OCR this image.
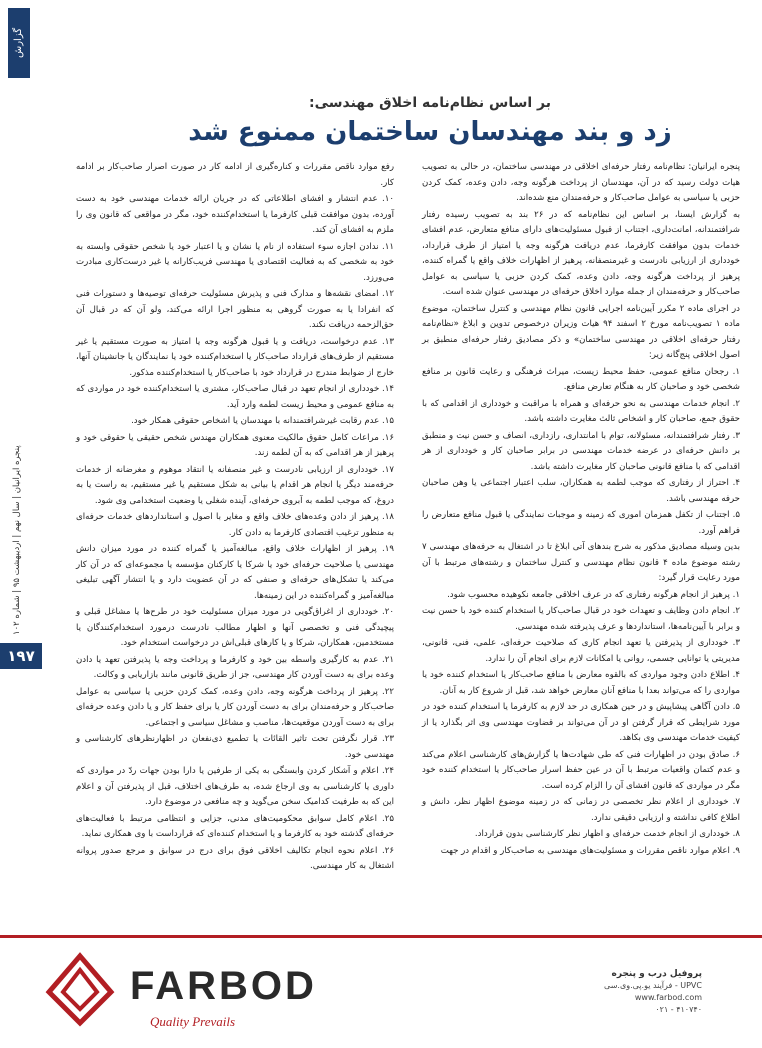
گزارش
پنجره ایرانیان | سال نهم | اردیبهشت ۹۵ | شماره ۱۰۲
۱۹۷
بر اساس نظام‌نامه اخلاق مهندسی:
زد و بند مهندسان ساختمان ممنوع شد

پنجره ایرانیان: نظام‌نامه رفتار حرفه‌ای اخلاقی در مهندسی ساختمان، در حالی به تصویب هیات دولت رسید که در آن، مهندسان از پرداخت هرگونه وجه، دادن وعده، کمک کردن حزبی یا سیاسی به عوامل صاحب‌کار و حرفه‌مندان منع شده‌اند.

به گزارش ایسنا، بر اساس این نظام‌نامه که در ۲۶ بند به تصویب رسیده رفتار شرافتمندانه، امانت‌داری، اجتناب از قبول مسئولیت‌های دارای منافع متعارض، عدم افشای خدمات بدون موافقت کارفرما، عدم دریافت هرگونه وجه یا امتیاز از طرف قرارداد، خودداری از ارزیابی نادرست و غیرمنصفانه، پرهیز از اظهارات خلاف واقع یا گمراه کننده، پرهیز از پرداخت هرگونه وجه، دادن وعده، کمک کردن حزبی یا سیاسی به عوامل صاحب‌کار و حرفه‌مندان از جمله موارد اخلاق حرفه‌ای در مهندسی عنوان شده است.

در اجرای ماده ۲ مکرر آیین‌نامه اجرایی قانون نظام مهندسی و کنترل ساختمان، موضوع ماده ۱ تصویب‌نامه مورخ ۲ اسفند ۹۴ هیات وزیران درخصوص تدوین و ابلاغ «نظام‌نامه رفتار حرفه‌ای اخلاقی در مهندسی ساختمان» و ذکر مصادیق رفتار حرفه‌ای منطبق بر اصول اخلاقی پنج‌گانه زیر:

۱. رجحان منافع عمومی، حفظ محیط زیست، میراث فرهنگی و رعایت قانون بر منافع شخصی خود و صاحبان کار به هنگام تعارض منافع.

۲. انجام خدمات مهندسی به نحو حرفه‌ای و همراه با مراقبت و خودداری از اقدامی که با حقوق جمع، صاحبان کار و اشخاص ثالث مغایرت داشته باشد.

۳. رفتار شرافتمندانه، مسئولانه، توام با امانتداری، رازداری، انصاف و حسن نیت و منطبق بر دانش حرفه‌ای در عرضه خدمات مهندسی در برابر صاحبان کار و خودداری از هر اقدامی که با منافع قانونی صاحبان کار مغایرت داشته باشد.

۴. احتراز از رفتاری که موجب لطمه به همکاران، سلب اعتبار اجتماعی یا وهن صاحبان حرفه مهندسی باشد.

۵. اجتناب از تکفل همزمان اموری که زمینه و موجبات نمایندگی یا قبول منافع متعارض را فراهم آورد.

بدین وسیله مصادیق مذکور به شرح بندهای آتی ابلاغ تا در اشتغال به حرفه‌های مهندسی ۷ رشته موضوع ماده ۴ قانون نظام مهندسی و کنترل ساختمان و رشته‌های مرتبط با آن مورد رعایت قرار گیرد:

۱. پرهیز از انجام هرگونه رفتاری که در عرف اخلاقی جامعه نکوهیده محسوب شود.

۲. انجام دادن وظایف و تعهدات خود در قبال صاحب‌کار یا استخدام کننده خود با حسن نیت و برابر با آیین‌نامه‌ها، استانداردها و عرف پذیرفته شده مهندسی.

۳. خودداری از پذیرفتن یا تعهد انجام کاری که صلاحیت حرفه‌ای، علمی، فنی، قانونی، مدیریتی یا توانایی جسمی، روانی یا امکانات لازم برای انجام آن را ندارد.

۴. اطلاع دادن وجود مواردی که بالقوه معارض با منافع صاحب‌کار یا استخدام کننده خود یا مواردی را که می‌تواند بعدا با منافع آنان معارض خواهد شد، قبل از شروع کار به آنان.

۵. دادن آگاهی پیشاپیش و در حین همکاری در حد لازم به کارفرما یا استخدام کننده خود در مورد شرایطی که قرار گرفتن او در آن می‌تواند بر قضاوت مهندسی وی اثر بگذارد یا از کیفیت خدمات مهندسی وی بکاهد.

۶. صادق بودن در اظهارات فنی که طی شهادت‌ها یا گزارش‌های کارشناسی اعلام می‌کند و عدم کتمان واقعیات مرتبط با آن در عین حفظ اسرار صاحب‌کار یا استخدام کننده خود مگر در مواردی که قانون افشای آن را الزام کرده است.

۷. خودداری از اعلام نظر تخصصی در زمانی که در زمینه موضوع اظهار نظر، دانش و اطلاع کافی نداشته و ارزیابی دقیقی ندارد.

۸. خودداری از انجام خدمت حرفه‌ای و اظهار نظر کارشناسی بدون قرارداد.

۹. اعلام موارد ناقص مقررات و مسئولیت‌های مهندسی به صاحب‌کار و اقدام در جهت

رفع موارد ناقص مقررات و کناره‌گیری از ادامه کار در صورت اصرار صاحب‌کار بر ادامه کار.

۱۰. عدم انتشار و افشای اطلاعاتی که در جریان ارائه خدمات مهندسی خود به دست آورده، بدون موافقت قبلی کارفرما یا استخدام‌کننده خود، مگر در مواقعی که قانون وی را ملزم به افشای آن کند.

۱۱. ندادن اجازه سوء استفاده از نام یا نشان و یا اعتبار خود یا شخص حقوقی وابسته به خود به شخصی که به فعالیت اقتصادی یا مهندسی فریب‌کارانه یا غیر درست‌کاری مبادرت می‌ورزد.

۱۲. امضای نقشه‌ها و مدارک فنی و پذیرش مسئولیت حرفه‌ای توصیه‌ها و دستورات فنی که انفرادا یا به صورت گروهی به منظور اجرا ارائه می‌کند، ولو آن که در قبال آن حق‌الزحمه دریافت نکند.

۱۳. عدم درخواست، دریافت و یا قبول هرگونه وجه یا امتیاز به صورت مستقیم یا غیر مستقیم از طرف‌های قرارداد صاحب‌کار یا استخدام‌کننده خود یا نمایندگان یا جانشینان آنها، خارج از ضوابط مندرج در قرارداد خود با صاحب‌کار یا استخدام‌کننده مذکور.

۱۴. خودداری از انجام تعهد در قبال صاحب‌کار، مشتری یا استخدام‌کننده خود در مواردی که به منافع عمومی و محیط زیست لطمه وارد آید.

۱۵. عدم رقابت غیرشرافتمندانه با مهندسان یا اشخاص حقوقی همکار خود.

۱۶. مراعات کامل حقوق مالکیت معنوی همکاران مهندس شخص حقیقی یا حقوقی خود و پرهیز از هر اقدامی که به آن لطمه زند.

۱۷. خودداری از ارزیابی نادرست و غیر منصفانه یا انتقاد موهوم و مغرضانه از خدمات حرفه‌مند دیگر یا انجام هر اقدام یا بیانی به شکل مستقیم یا غیر مستقیم، به راست یا به دروغ، که موجب لطمه به آبروی حرفه‌ای، آینده شغلی یا وضعیت استخدامی وی شود.

۱۸. پرهیز از دادن وعده‌های خلاف واقع و مغایر با اصول و استانداردهای خدمات حرفه‌ای به منظور ترغیب اقتصادی کارفرما به دادن کار.

۱۹. پرهیز از اظهارات خلاف واقع، مبالغه‌آمیز یا گمراه کننده در مورد میزان دانش مهندسی یا صلاحیت حرفه‌ای خود یا شرکا یا کارکنان مؤسسه یا مجموعه‌ای که در آن کار می‌کند یا تشکل‌های حرفه‌ای و صنفی که در آن عضویت دارد و یا انتشار آگهی تبلیغی مبالغه‌آمیز و گمراه‌کننده در این زمینه‌ها.

۲۰. خودداری از اغراق‌گویی در مورد میزان مسئولیت خود در طرح‌ها یا مشاغل قبلی و پیچیدگی فنی و تخصصی آنها و اظهار مطالب نادرست درمورد استخدام‌کنندگان یا مستخدمین، همکاران، شرکا و یا کارهای قبلی‌اش در درخواست استخدام خود.

۲۱. عدم به کارگیری واسطه بین خود و کارفرما و پرداخت وجه یا پذیرفتن تعهد یا دادن وعده برای به دست آوردن کار مهندسی، جز از طریق قانونی مانند بازاریابی و وکالت.

۲۲. پرهیز از پرداخت هرگونه وجه، دادن وعده، کمک کردن حزبی یا سیاسی به عوامل صاحب‌کار و حرفه‌مندان برای به دست آوردن کار یا برای حفظ کار و یا دادن وعده حرفه‌ای برای به دست آوردن موقعیت‌ها، مناصب و مشاغل سیاسی و اجتماعی.

۲۳. قرار نگرفتن تحت تاثیر القائات یا تطمیع ذی‌نفعان در اظهارنظرهای کارشناسی و مهندسی خود.

۲۴. اعلام و آشکار کردن وابستگی به یکی از طرفین یا دارا بودن جهات ردّ در مواردی که داوری یا کارشناسی به وی ارجاع شده، به طرف‌های اختلاف، قبل از پذیرفتن آن و اعلام این که به طرفیت کدامیک سخن می‌گوید و چه منافعی در موضوع دارد.

۲۵. اعلام کامل سوابق محکومیت‌های مدنی، جزایی و انتظامی مرتبط با فعالیت‌های حرفه‌ای گذشته خود به کارفرما و یا استخدام کننده‌ای که قرارداست با وی همکاری نماید.

۲۶. اعلام نحوه انجام تکالیف اخلاقی فوق برای درج در سوابق و مرجع صدور پروانه اشتغال به کار مهندسی.

FARBOD
Quality Prevails
پروفیل درب و پنجره
UPVC - فرآیند یو.پی.وی.سی
www.farbod.com
۰۲۱ - ۴۱۰۷۴۰
